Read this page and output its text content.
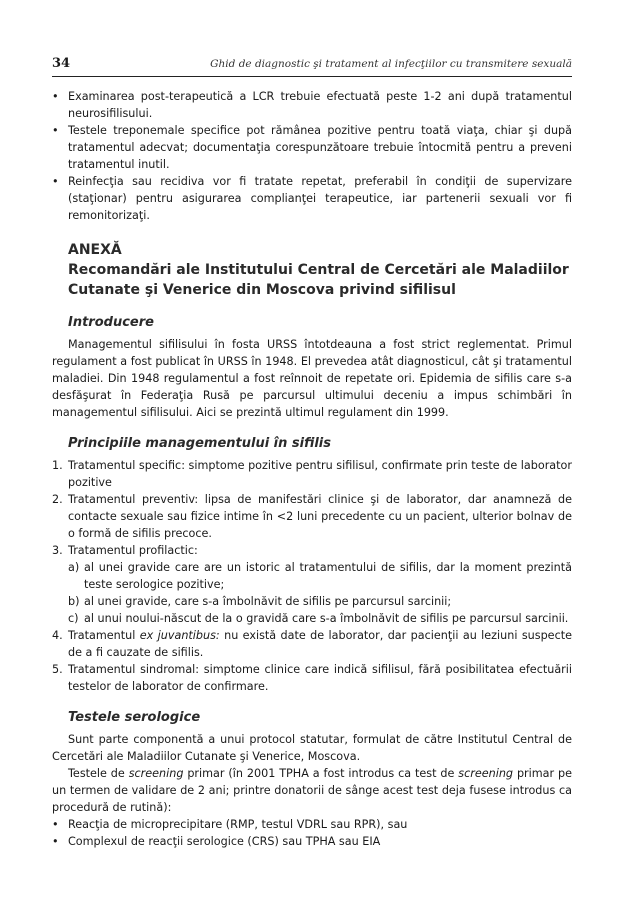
34	Ghid de diagnostic şi tratament al infecţiilor cu transmitere sexuală
• Examinarea post-terapeutică a LCR trebuie efectuată peste 1-2 ani după tratamentul neurosifilisului.
• Testele treponemale specifice pot rămânea pozitive pentru toată viaţa, chiar şi după tratamentul adecvat; documentaţia corespunzătoare trebuie întocmită pentru a preveni tratamentul inutil.
• Reinfecţia sau recidiva vor fi tratate repetat, preferabil în condiţii de supervizare (staţionar) pentru asigurarea complianţei terapeutice, iar partenerii sexuali vor fi remonitorizaţi.
ANEXĂ
Recomandări ale Institutului Central de Cercetări ale Maladiilor Cutanate şi Venerice din Moscova privind sifilisul
Introducere

Managementul sifilisului în fosta URSS întotdeauna a fost strict reglementat. Primul regulament a fost publicat în URSS în 1948. El prevedea atât diagnosticul, cât şi tratamentul maladiei. Din 1948 regulamentul a fost reînnoit de repetate ori. Epidemia de sifilis care s-a desfăşurat în Federaţia Rusă pe parcursul ultimului deceniu a impus schimbări în managementul sifilisului. Aici se prezintă ultimul regulament din 1999.

Principiile managementului în sifilis
1. Tratamentul specific: simptome pozitive pentru sifilisul, confirmate prin teste de laborator pozitive
2. Tratamentul preventiv: lipsa de manifestări clinice şi de laborator, dar anamneză de contacte sexuale sau fizice intime în <2 luni precedente cu un pacient, ulterior bolnav de o formă de sifilis precoce.
3. Tratamentul profilactic:
a) al unei gravide care are un istoric al tratamentului de sifilis, dar la moment prezintă teste serologice pozitive;
b) al unei gravide, care s-a îmbolnăvit de sifilis pe parcursul sarcinii;
c) al unui noului-născut de la o gravidă care s-a îmbolnăvit de sifilis pe parcursul sarcinii.
4. Tratamentul ex juvantibus: nu există date de laborator, dar pacienţii au leziuni suspecte de a fi cauzate de sifilis.
5. Tratamentul sindromal: simptome clinice care indică sifilisul, fără posibilitatea efectuării testelor de laborator de confirmare.
Testele serologice

Sunt parte componentă a unui protocol statutar, formulat de către Institutul Central de Cercetări ale Maladiilor Cutanate şi Venerice, Moscova.

Testele de screening primar (în 2001 TPHA a fost introdus ca test de screening primar pe un termen de validare de 2 ani; printre donatorii de sânge acest test deja fusese introdus ca procedură de rutină):

• Reacţia de microprecipitare (RMP, testul VDRL sau RPR), sau
• Complexul de reacţii serologice (CRS) sau TPHA sau EIA
